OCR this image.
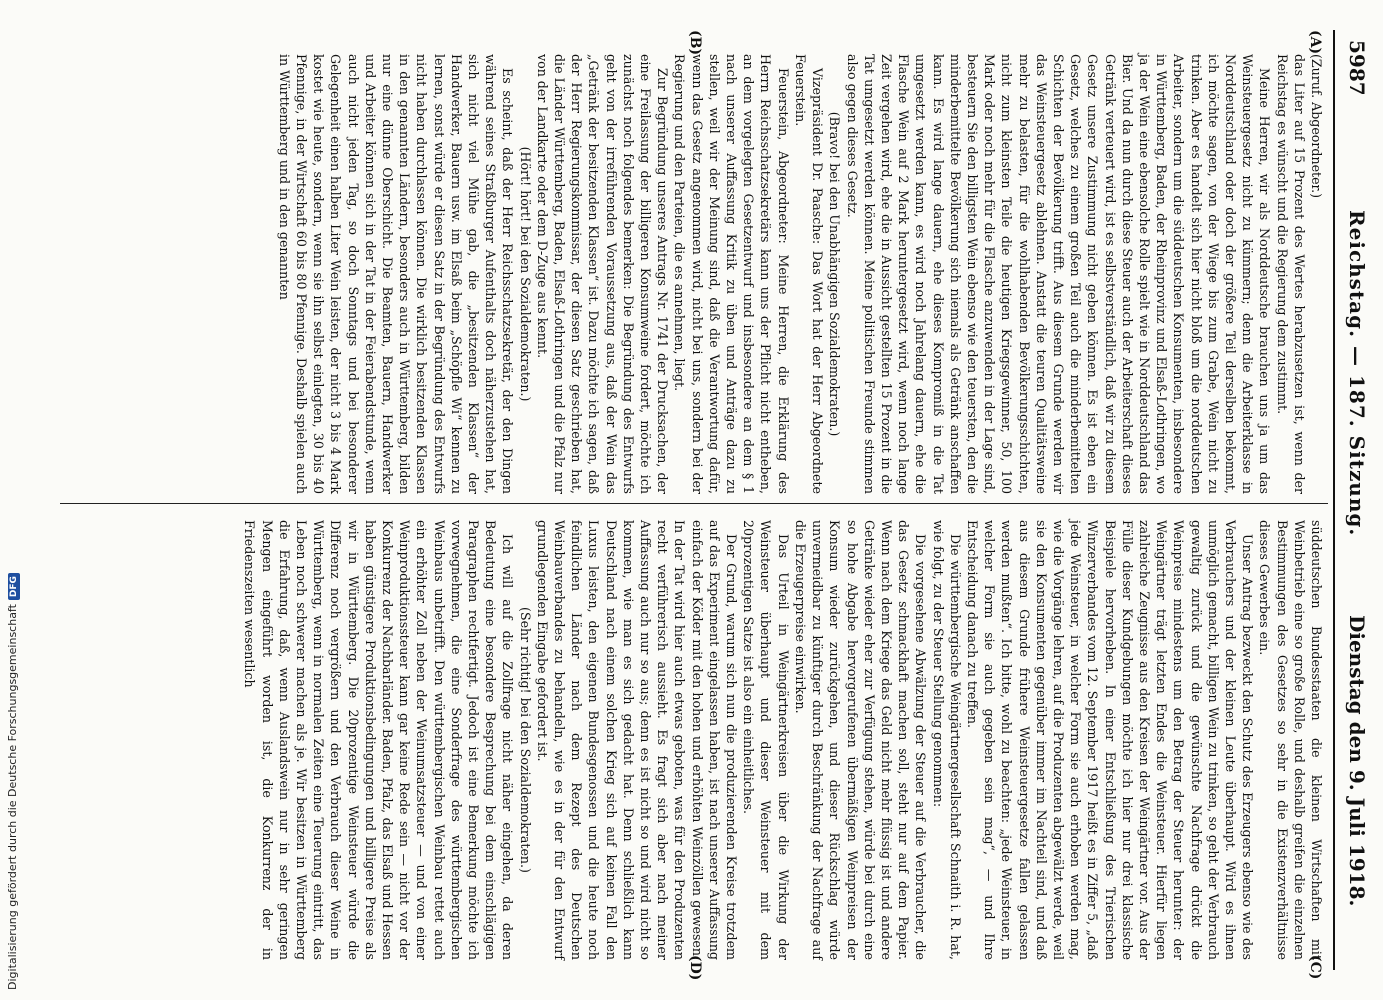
5987
Reichstag. — 187. Sitzung.
Dienstag den 9. Juli 1918.
(A)
(B)
(C)
(D)

(Zuruf. Abgeordneter.)

das Liter auf 15 Prozent des Wertes herabzusetzen ist, wenn der Reichstag es wünscht und die Regierung dem zustimmt.

Meine Herren, wir als Norddeutsche brauchen uns ja um das Weinsteuergesetz nicht zu kümmern; denn die Arbeiterklasse in Norddeutschland oder doch der größere Teil derselben bekommt, ich möchte sagen, von der Wiege bis zum Grabe, Wein nicht zu trinken. Aber es handelt sich hier nicht bloß um die norddeutschen Arbeiter, sondern um die süddeutschen Konsumenten, insbesondere in Württemberg, Baden, der Rheinprovinz und Elsaß-Lothringen, wo ja der Wein eine ebensolche Rolle spielt wie in Norddeutschland das Bier. Und da nun durch diese Steuer auch der Arbeiterschaft dieses Getränk verteuert wird, ist es selbstverständlich, daß wir zu diesem Gesetz unsere Zustimmung nicht geben können. Es ist eben ein Gesetz, welches zu einem großen Teil auch die minderbemittelten Schichten der Bevölkerung trifft. Aus diesem Grunde werden wir das Weinsteuergesetz ablehnen. Anstatt die teuren Qualitätsweine mehr zu belasten, für die wohlhabenden Bevölkerungsschichten, nicht zum kleinsten Teile die heutigen Kriegsgewinner, 50, 100 Mark oder noch mehr für die Flasche anzuwenden in der Lage sind, besteuern Sie den billigsten Wein ebenso wie den teuersten, den die minderbemittelte Bevölkerung sich niemals als Getränk anschaffen kann. Es wird lange dauern, ehe dieses Kompromiß in die Tat umgesetzt werden kann, es wird noch Jahrelang dauern, ehe die Flasche Wein auf 2 Mark heruntergesetzt wird, wenn noch lange Zeit vergehen wird, ehe die in Aussicht gestellten 15 Prozent in die Tat umgesetzt werden können. Meine politischen Freunde stimmen also gegen dieses Gesetz.

(Bravo! bei den Unabhängigen Sozialdemokraten.)

Vizepräsident Dr. Paasche: Das Wort hat der Herr Abgeordnete Feuerstein.

Feuerstein, Abgeordneter: Meine Herren, die Erklärung des Herrn Reichsschatzsekretärs kann uns der Pflicht nicht entheben, an dem vorgelegten Gesetzentwurf und insbesondere an dem § 1 nach unserer Auffassung Kritik zu üben und Anträge dazu zu stellen, weil wir der Meinung sind, daß die Verantwortung dafür, wenn das Gesetz angenommen wird, nicht bei uns, sondern bei der Regierung und den Parteien, die es annehmen, liegt.

Zur Begründung unseres Antrags Nr. 1741 der Drucksachen, der eine Freilassung der billigeren Konsumweine fordert, möchte ich zunächst noch folgendes bemerken: Die Begründung des Entwurfs geht von der irreführenden Voraussetzung aus, daß der Wein das „Getränk der besitzenden Klassen“ ist. Dazu möchte ich sagen, daß der Herr Regierungskommissar, der diesen Satz geschrieben hat, die Länder Württemberg, Baden, Elsaß-Lothringen und die Pfalz nur von der Landkarte oder dem D-Zuge aus kennt.

(Hört! hört! bei den Sozialdemokraten.)

Es scheint, daß der Herr Reichsschatzsekretär, der den Dingen während seines Straßburger Aufenthalts doch näherzustehen hat, sich nicht viel Mühe gab, die „besitzenden Klassen“ der Handwerker, Bauern usw. im Elsaß beim „Schöpfle Wi“ kennen zu lernen, sonst würde er diesen Satz in der Begründung des Entwurfs nicht haben durchlassen können. Die wirklich besitzenden Klassen in den genannten Ländern, besonders auch in Württemberg, bilden nur eine dünne Oberschicht. Die Beamten, Bauern, Handwerker und Arbeiter können sich in der Tat in der Feierabendstunde, wenn auch nicht jeden Tag, so doch Sonntags und bei besonderer Gelegenheit einen halben Liter Wein leisten, der nicht 3 bis 4 Mark kostet wie heute, sondern, wenn sie ihn selbst einlegten, 30 bis 40 Pfennige, in der Wirtschaft 60 bis 80 Pfennige. Deshalb spielen auch in Württemberg und in den genannten

süddeutschen Bundesstaaten die kleinen Wirtschaften mit Weinbetrieb eine so große Rolle, und deshalb greifen die einzelnen Bestimmungen des Gesetzes so sehr in die Existenzverhältnisse dieses Gewerbes ein.

Unser Antrag bezweckt den Schutz des Erzeugers ebenso wie des Verbrauchers und der kleinen Leute überhaupt. Wird es ihnen unmöglich gemacht, billigen Wein zu trinken, so geht der Verbrauch gewaltig zurück und die gewünschte Nachfrage drückt die Weinpreise mindestens um den Betrag der Steuer herunter: der Weingärtner trägt letzten Endes die Weinsteuer. Hierfür liegen zahlreiche Zeugnisse aus den Kreisen der Weingärtner vor. Aus der Fülle dieser Kundgebungen möchte ich hier nur drei klassische Beispiele hervorheben. In einer Entschließung des Trierischen Winzerverbandes vom 12. September 1917 heißt es in Ziffer 5, „daß jede Weinsteuer, in welcher Form sie auch erhoben werden mag, wie die Vorgänge lehren, auf die Produzenten abgewälzt werde, weil sie den Konsumenten gegenüber immer im Nachteil sind, und daß aus diesem Grunde frühere Weinsteuergesetze fallen gelassen werden mußten“. Ich bitte, wohl zu beachten: „jede Weinsteuer, in welcher Form sie auch gegeben sein mag“, — und Ihre Entscheidung danach zu treffen.

Die württembergische Weingärtnergesellschaft Schnaith i. R. hat, wie folgt, zu der Steuer Stellung genommen:

Die vorgesehene Abwälzung der Steuer auf die Verbraucher, die das Gesetz schmackhaft machen soll, steht nur auf dem Papier. Wenn nach dem Kriege das Geld nicht mehr flüssig ist und andere Getränke wieder eher zur Verfügung stehen, würde bei durch eine so hohe Abgabe hervorgerufenen übermäßigen Weinpreisen der Konsum wieder zurückgehen, und dieser Rückschlag würde unvermeidbar zu künftiger durch Beschränkung der Nachfrage auf die Erzeugerpreise einwirken.

Das Urteil in Weingärtnerkreisen über die Wirkung der Weinsteuer überhaupt und dieser Weinsteuer mit dem 20prozentigen Satze ist also ein einheitliches.

Der Grund, warum sich nun die produzierenden Kreise trotzdem auf das Experiment eingelassen haben, ist nach unserer Auffassung einfach der Köder mit den hohen und erhöhten Weinzöllen gewesen. In der Tat wird hier auch etwas geboten, was für den Produzenten recht verführerisch aussieht. Es fragt sich aber nach meiner Auffassung auch nur so aus; denn es ist nicht so und wird nicht so kommen, wie man es sich gedacht hat. Denn schließlich kann Deutschland nach einem solchen Krieg sich auf keinen Fall den Luxus leisten, den eigenen Bundesgenossen und die heute noch feindlichen Länder nach dem Rezept des Deutschen Weinbauverbandes zu behandeln, wie es in der für den Entwurf grundlegenden Eingabe gefordert ist.

(Sehr richtig! bei den Sozialdemokraten.)

Ich will auf die Zollfrage nicht näher eingehen, da deren Bedeutung eine besondere Besprechung bei dem einschlägigen Paragraphen rechtfertigt. Jedoch ist eine Bemerkung möchte ich vorwegnehmen, die eine Sonderfrage des württembergischen Weinbaus unbetrifft. Den württembergischen Weinbau rettet auch ein erhöhter Zoll neben der Weinumsatzsteuer — und von einer Weinproduktionssteuer kann gar keine Rede sein — nicht vor der Konkurrenz der Nachbarländer. Baden, Pfalz, das Elsaß und Hessen haben günstigere Produktionsbedingungen und billigere Preise als wir in Württemberg. Die 20prozentige Weinsteuer würde die Differenz noch vergrößern und den Verbrauch dieser Weine in Württemberg, wenn in normalen Zeiten eine Teuerung eintritt, das Leben noch schwerer machen als je. Wir besitzen in Württemberg die Erfahrung, daß, wenn Auslandswein nur in sehr geringen Mengen eingeführt worden ist, die Konkurrenz der in Friedenszeiten wesentlich

Digitalisierung gefördert durch die Deutsche ForschungsgemeinschaftDFG
